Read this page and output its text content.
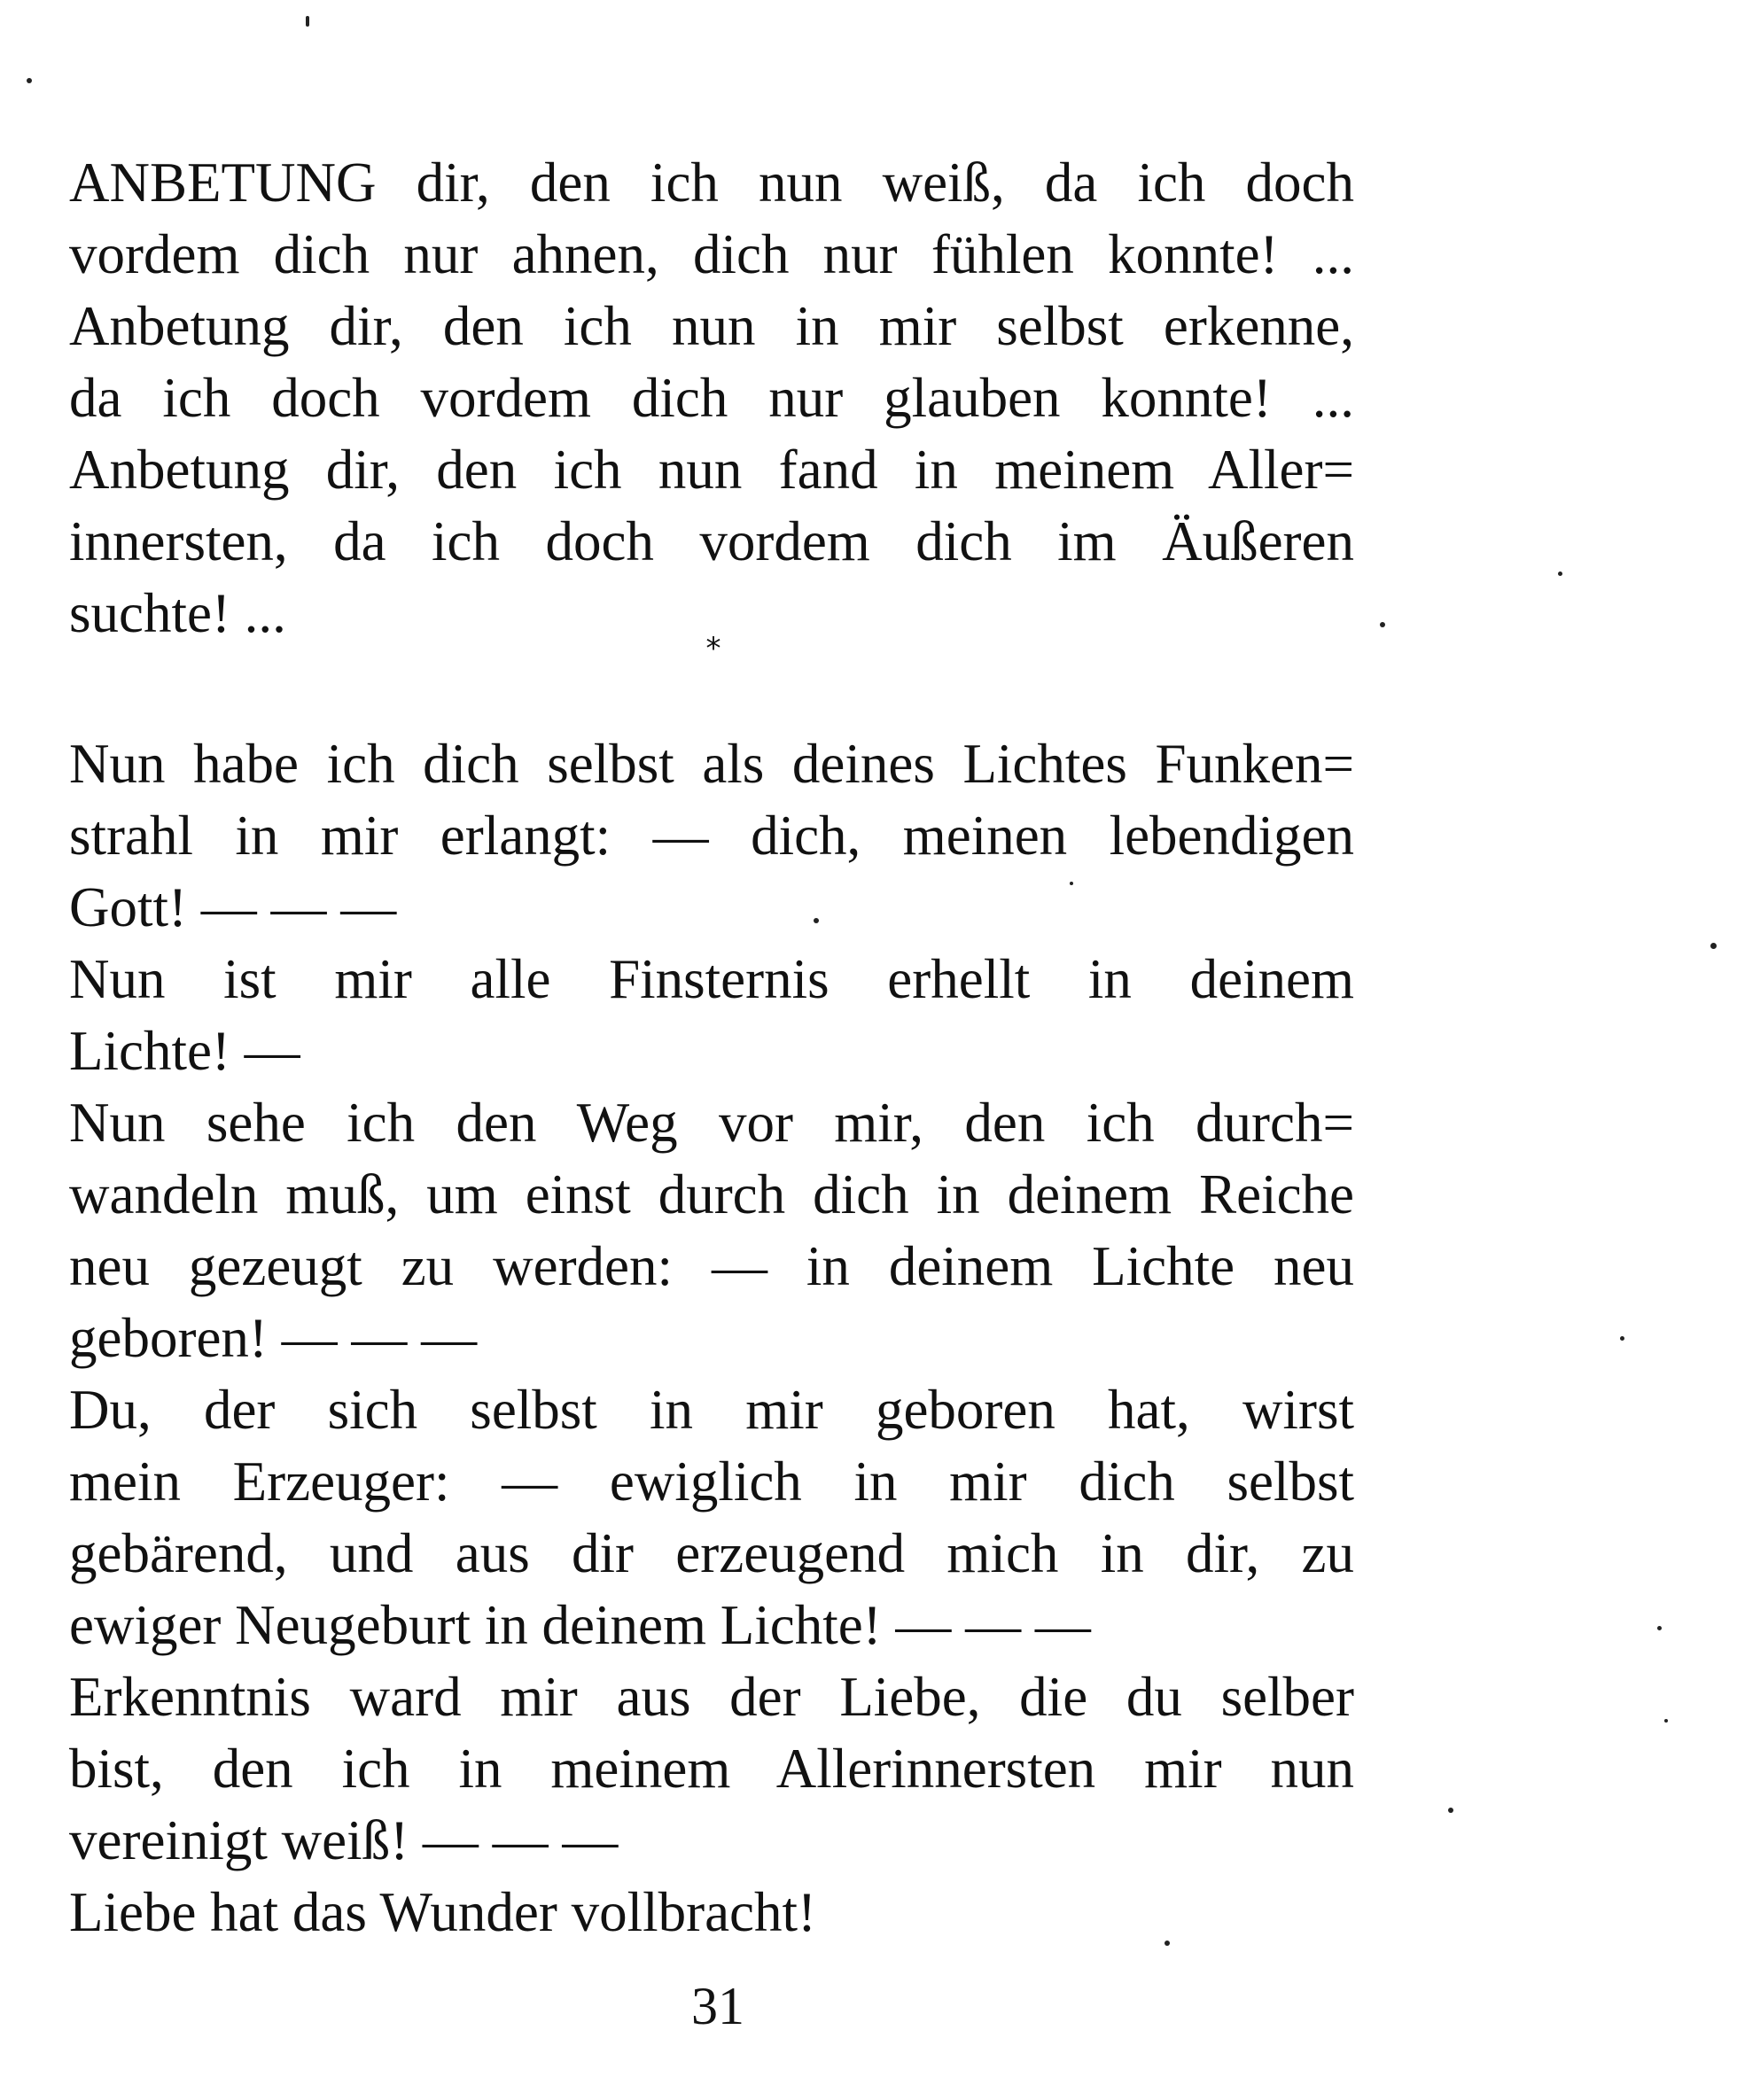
ANBETUNG dir, den ich nun weiß, da ich doch
vordem dich nur ahnen, dich nur fühlen konnte! ...
Anbetung dir, den ich nun in mir selbst erkenne,
da ich doch vordem dich nur glauben konnte! ...
Anbetung dir, den ich nun fand in meinem Aller=
innersten, da ich doch vordem dich im Äußeren
suchte! ...
*
Nun habe ich dich selbst als deines Lichtes Funken=
strahl in mir erlangt: — dich, meinen lebendigen
Gott! — — —
Nun ist mir alle Finsternis erhellt in deinem
Lichte! —
Nun sehe ich den Weg vor mir, den ich durch=
wandeln muß, um einst durch dich in deinem Reiche
neu gezeugt zu werden: — in deinem Lichte neu
geboren! — — —
Du, der sich selbst in mir geboren hat, wirst
mein Erzeuger: — ewiglich in mir dich selbst
gebärend, und aus dir erzeugend mich in dir, zu
ewiger Neugeburt in deinem Lichte! — — —
Erkenntnis ward mir aus der Liebe, die du selber
bist, den ich in meinem Allerinnersten mir nun
vereinigt weiß! — — —
Liebe hat das Wunder vollbracht!
31
